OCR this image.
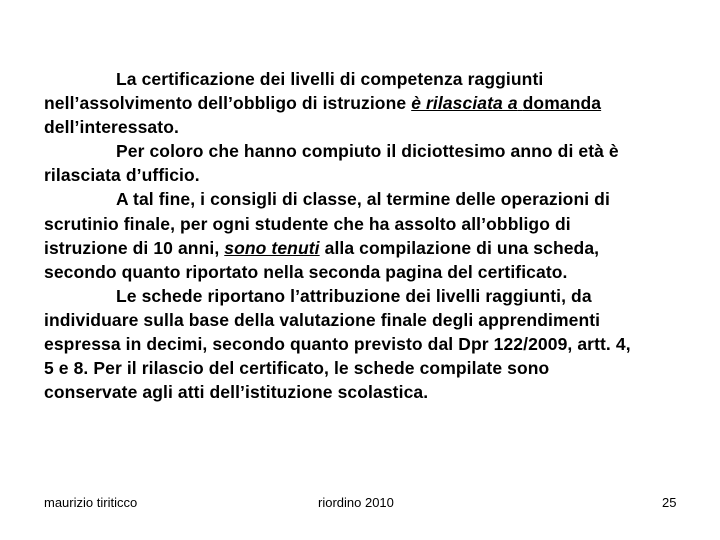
La certificazione dei livelli di competenza raggiunti nell’assolvimento dell’obbligo di istruzione è rilasciata a domanda dell’interessato.

Per coloro che hanno compiuto il diciottesimo anno di età è rilasciata d’ufficio.

A tal fine, i consigli di classe, al termine delle operazioni di scrutinio finale, per ogni studente che ha assolto all’obbligo di istruzione di 10 anni, sono tenuti alla compilazione di una scheda, secondo quanto riportato nella seconda pagina del certificato.

Le schede riportano l’attribuzione dei livelli raggiunti, da individuare sulla base della valutazione finale degli apprendimenti espressa in decimi, secondo quanto previsto dal Dpr 122/2009, artt. 4, 5 e 8. Per il rilascio del certificato, le schede compilate sono conservate agli atti dell’istituzione scolastica.

maurizio tiriticco	riordino 2010	25
